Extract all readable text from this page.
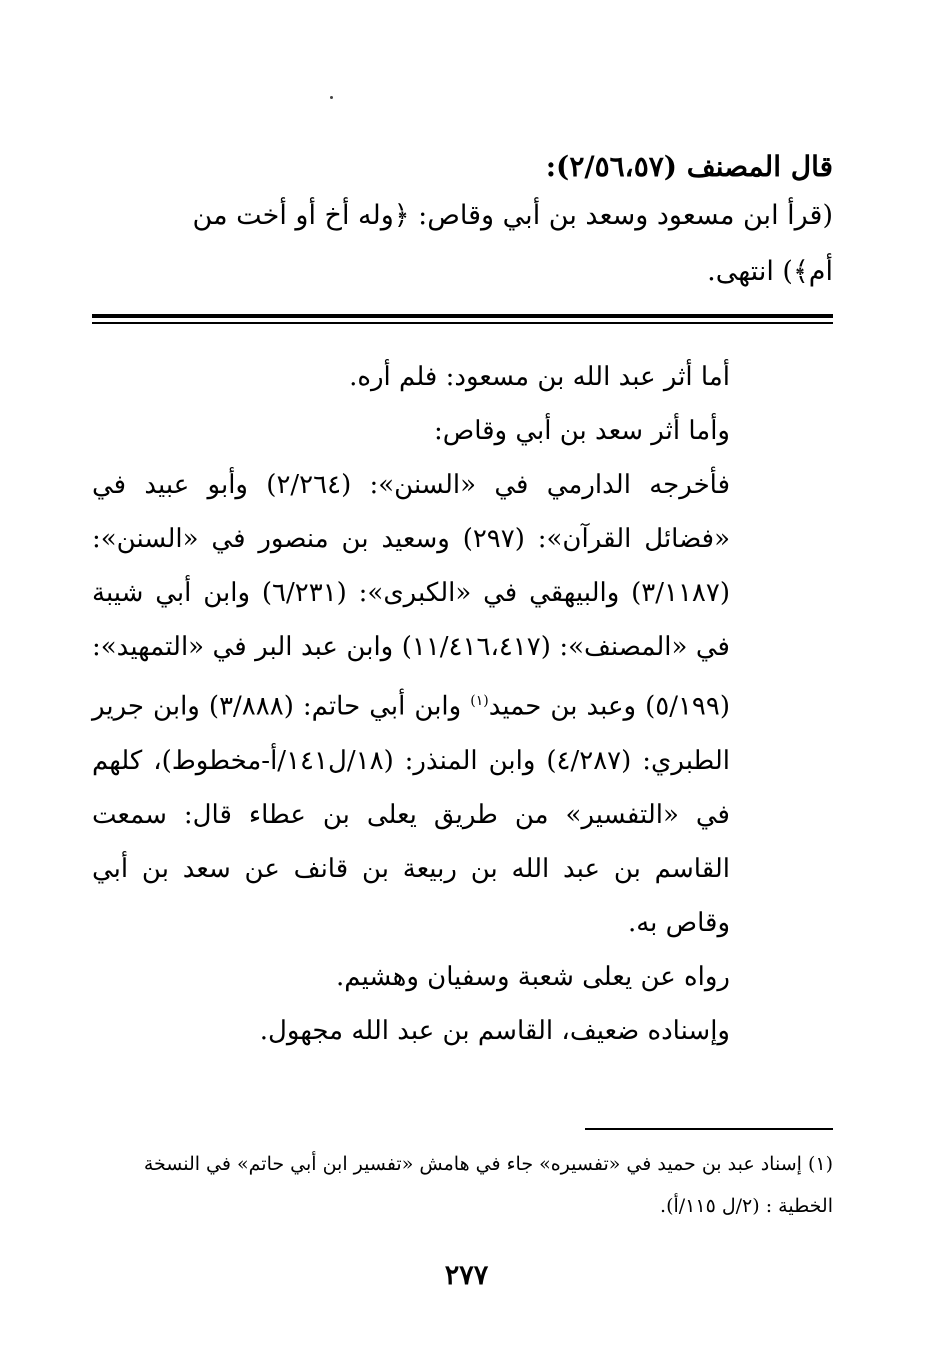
قال المصنف (٢/٥٦،٥٧):
(قرأ ابن مسعود وسعد بن أبي وقاص: ﴿وله أخ أو أخت من
أم﴾) انتهى.
أما أثر عبد الله بن مسعود: فلم أره.
وأما أثر سعد بن أبي وقاص:
فأخرجه الدارمي في «السنن»: (٢/٢٦٤) وأبو عبيد في «فضائل القرآن»: (٢٩٧) وسعيد بن منصور في «السنن»: (٣/١١٨٧) والبيهقي في «الكبرى»: (٦/٢٣١) وابن أبي شيبة في «المصنف»: (١١/٤١٦،٤١٧) وابن عبد البر في «التمهيد»: (٥/١٩٩) وعبد بن حميد$^{(١)}$ وابن أبي حاتم: (٣/٨٨٨) وابن جرير الطبري: (٤/٢٨٧) وابن المنذر: (١٨/ل١٤١/أ-مخطوط)، كلهم في «التفسير» من طريق يعلى بن عطاء قال: سمعت القاسم بن عبد الله بن ربيعة بن قانف عن سعد بن أبي وقاص به.
رواه عن يعلى شعبة وسفيان وهشيم.
وإسناده ضعيف، القاسم بن عبد الله مجهول.
(١) إسناد عبد بن حميد في «تفسيره» جاء في هامش «تفسير ابن أبي حاتم» في النسخة الخطية : (٢/ل ١١٥/أ).
٢٧٧
